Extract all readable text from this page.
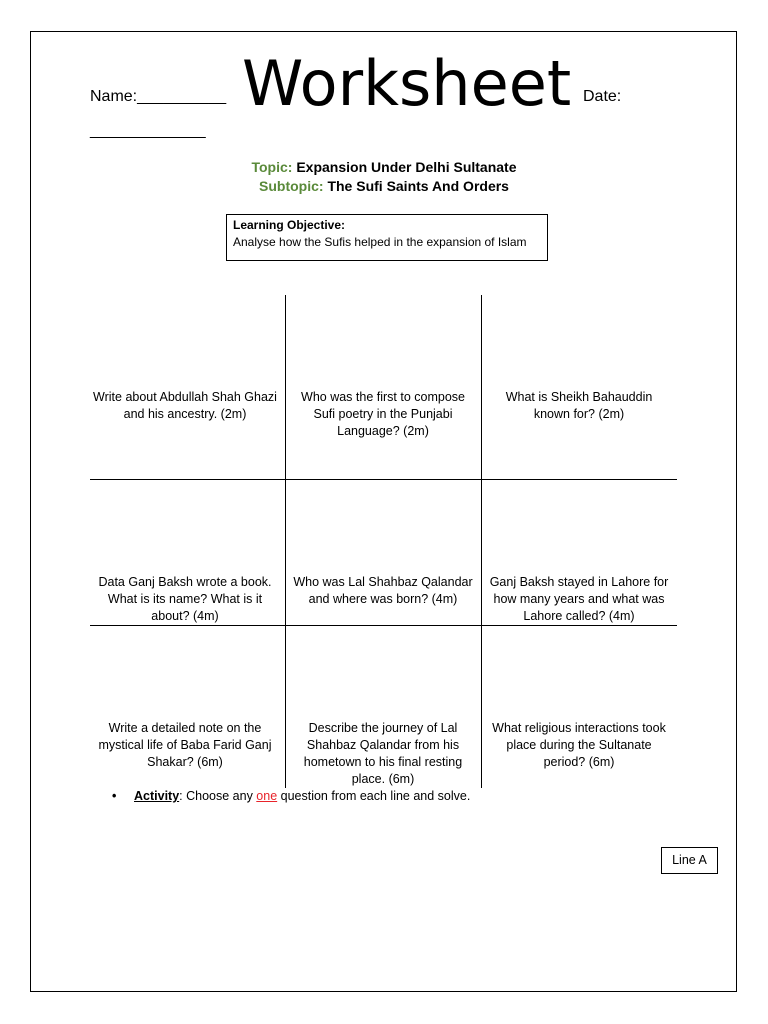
Name:__________ Worksheet Date:
_____________
Topic: Expansion Under Delhi Sultanate
Subtopic: The Sufi Saints And Orders
Learning Objective:
Analyse how the Sufis helped in the expansion of Islam
Write about Abdullah Shah Ghazi and his ancestry. (2m)
Who was the first to compose Sufi poetry in the Punjabi Language? (2m)
What is Sheikh Bahauddin known for? (2m)
Data Ganj Baksh wrote a book. What is its name? What is it about? (4m)
Who was Lal Shahbaz Qalandar and where was born? (4m)
Ganj Baksh stayed in Lahore for how many years and what was Lahore called? (4m)
Write a detailed note on the mystical life of Baba Farid Ganj Shakar? (6m)
Describe the journey of Lal Shahbaz Qalandar from his hometown to his final resting place. (6m)
What religious interactions took place during the Sultanate period? (6m)
• Activity: Choose any one question from each line and solve.
Line A
